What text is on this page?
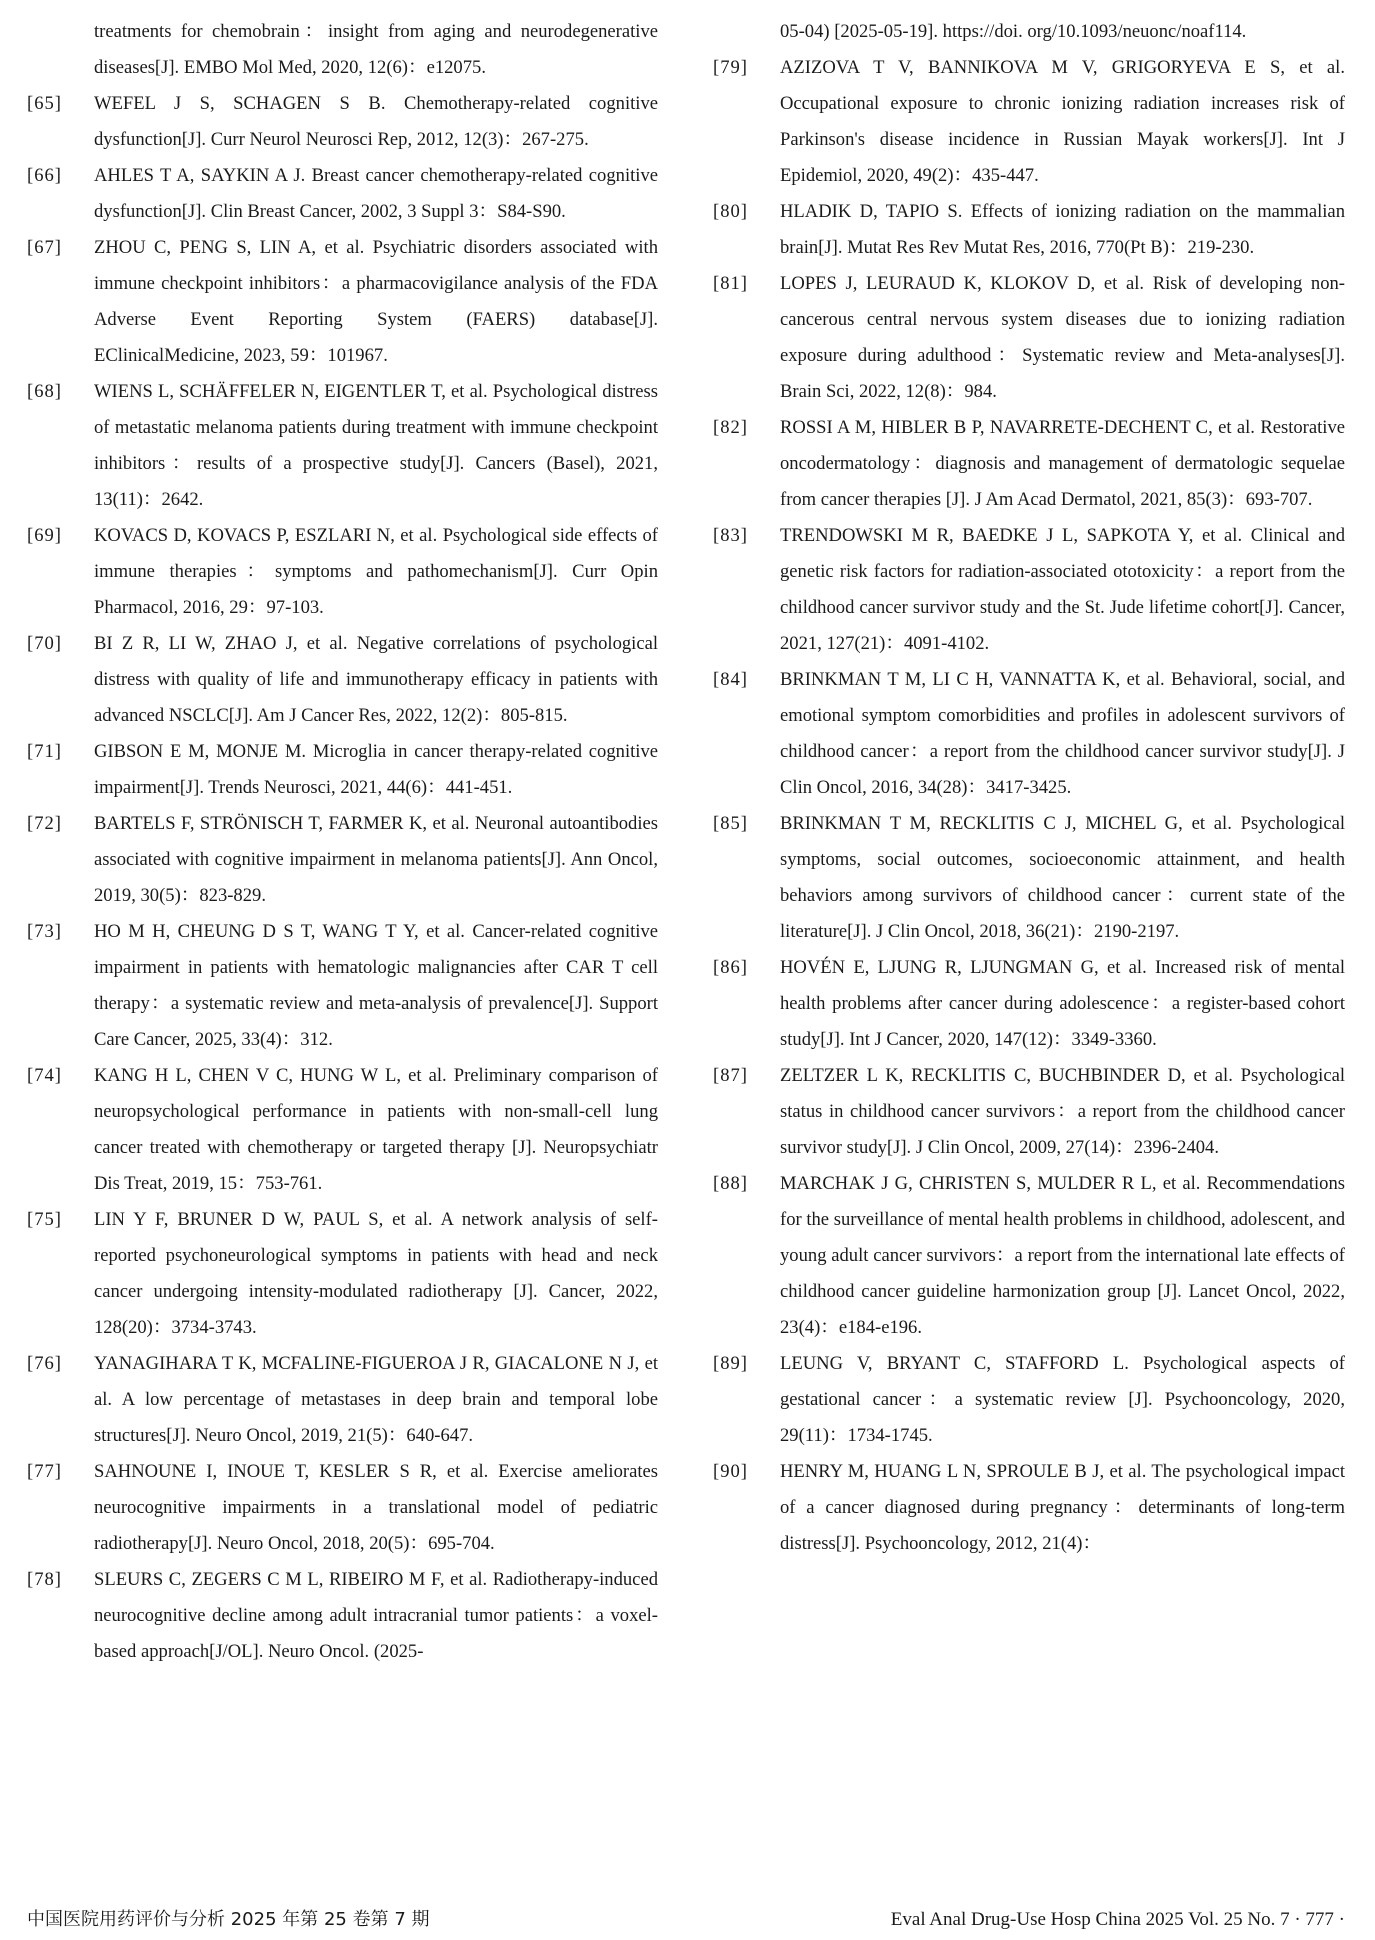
treatments for chemobrain：insight from aging and neurodegenerative diseases[J]. EMBO Mol Med, 2020, 12(6)：e12075.

[65]	WEFEL J S, SCHAGEN S B. Chemotherapy-related cognitive dysfunction[J]. Curr Neurol Neurosci Rep, 2012, 12(3)：267-275.

[66]	AHLES T A, SAYKIN A J. Breast cancer chemotherapy-related cognitive dysfunction[J]. Clin Breast Cancer, 2002, 3 Suppl 3：S84-S90.

[67]	ZHOU C, PENG S, LIN A, et al. Psychiatric disorders associated with immune checkpoint inhibitors：a pharmacovigilance analysis of the FDA Adverse Event Reporting System (FAERS) database[J]. EClinicalMedicine, 2023, 59：101967.

[68]	WIENS L, SCHÄFFELER N, EIGENTLER T, et al. Psychological distress of metastatic melanoma patients during treatment with immune checkpoint inhibitors：results of a prospective study[J]. Cancers (Basel), 2021, 13(11)：2642.

[69]	KOVACS D, KOVACS P, ESZLARI N, et al. Psychological side effects of immune therapies：symptoms and pathomechanism[J]. Curr Opin Pharmacol, 2016, 29：97-103.

[70]	BI Z R, LI W, ZHAO J, et al. Negative correlations of psychological distress with quality of life and immunotherapy efficacy in patients with advanced NSCLC[J]. Am J Cancer Res, 2022, 12(2)：805-815.

[71]	GIBSON E M, MONJE M. Microglia in cancer therapy-related cognitive impairment[J]. Trends Neurosci, 2021, 44(6)：441-451.

[72]	BARTELS F, STRÖNISCH T, FARMER K, et al. Neuronal autoantibodies associated with cognitive impairment in melanoma patients[J]. Ann Oncol, 2019, 30(5)：823-829.

[73]	HO M H, CHEUNG D S T, WANG T Y, et al. Cancer-related cognitive impairment in patients with hematologic malignancies after CAR T cell therapy：a systematic review and meta-analysis of prevalence[J]. Support Care Cancer, 2025, 33(4)：312.

[74]	KANG H L, CHEN V C, HUNG W L, et al. Preliminary comparison of neuropsychological performance in patients with non-small-cell lung cancer treated with chemotherapy or targeted therapy [J]. Neuropsychiatr Dis Treat, 2019, 15：753-761.

[75]	LIN Y F, BRUNER D W, PAUL S, et al. A network analysis of self-reported psychoneurological symptoms in patients with head and neck cancer undergoing intensity-modulated radiotherapy [J]. Cancer, 2022, 128(20)：3734-3743.

[76]	YANAGIHARA T K, MCFALINE-FIGUEROA J R, GIACALONE N J, et al. A low percentage of metastases in deep brain and temporal lobe structures[J]. Neuro Oncol, 2019, 21(5)：640-647.

[77]	SAHNOUNE I, INOUE T, KESLER S R, et al. Exercise ameliorates neurocognitive impairments in a translational model of pediatric radiotherapy[J]. Neuro Oncol, 2018, 20(5)：695-704.

[78]	SLEURS C, ZEGERS C M L, RIBEIRO M F, et al. Radiotherapy-induced neurocognitive decline among adult intracranial tumor patients：a voxel-based approach[J/OL]. Neuro Oncol. (2025-

05-04) [2025-05-19]. https://doi. org/10.1093/neuonc/noaf114.

[79]	AZIZOVA T V, BANNIKOVA M V, GRIGORYEVA E S, et al. Occupational exposure to chronic ionizing radiation increases risk of Parkinson's disease incidence in Russian Mayak workers[J]. Int J Epidemiol, 2020, 49(2)：435-447.

[80]	HLADIK D, TAPIO S. Effects of ionizing radiation on the mammalian brain[J]. Mutat Res Rev Mutat Res, 2016, 770(Pt B)：219-230.

[81]	LOPES J, LEURAUD K, KLOKOV D, et al. Risk of developing non-cancerous central nervous system diseases due to ionizing radiation exposure during adulthood：Systematic review and Meta-analyses[J]. Brain Sci, 2022, 12(8)：984.

[82]	ROSSI A M, HIBLER B P, NAVARRETE-DECHENT C, et al. Restorative oncodermatology：diagnosis and management of dermatologic sequelae from cancer therapies [J]. J Am Acad Dermatol, 2021, 85(3)：693-707.

[83]	TRENDOWSKI M R, BAEDKE J L, SAPKOTA Y, et al. Clinical and genetic risk factors for radiation-associated ototoxicity：a report from the childhood cancer survivor study and the St. Jude lifetime cohort[J]. Cancer, 2021, 127(21)：4091-4102.

[84]	BRINKMAN T M, LI C H, VANNATTA K, et al. Behavioral, social, and emotional symptom comorbidities and profiles in adolescent survivors of childhood cancer：a report from the childhood cancer survivor study[J]. J Clin Oncol, 2016, 34(28)：3417-3425.

[85]	BRINKMAN T M, RECKLITIS C J, MICHEL G, et al. Psychological symptoms, social outcomes, socioeconomic attainment, and health behaviors among survivors of childhood cancer：current state of the literature[J]. J Clin Oncol, 2018, 36(21)：2190-2197.

[86]	HOVÉN E, LJUNG R, LJUNGMAN G, et al. Increased risk of mental health problems after cancer during adolescence：a register-based cohort study[J]. Int J Cancer, 2020, 147(12)：3349-3360.

[87]	ZELTZER L K, RECKLITIS C, BUCHBINDER D, et al. Psychological status in childhood cancer survivors：a report from the childhood cancer survivor study[J]. J Clin Oncol, 2009, 27(14)：2396-2404.

[88]	MARCHAK J G, CHRISTEN S, MULDER R L, et al. Recommendations for the surveillance of mental health problems in childhood, adolescent, and young adult cancer survivors：a report from the international late effects of childhood cancer guideline harmonization group [J]. Lancet Oncol, 2022, 23(4)：e184-e196.

[89]	LEUNG V, BRYANT C, STAFFORD L. Psychological aspects of gestational cancer：a systematic review [J]. Psychooncology, 2020, 29(11)：1734-1745.

[90]	HENRY M, HUANG L N, SPROULE B J, et al. The psychological impact of a cancer diagnosed during pregnancy：determinants of long-term distress[J]. Psychooncology, 2012, 21(4)：

中国医院用药评价与分析 2025 年第 25 卷第 7 期	Eval Anal Drug-Use Hosp China 2025 Vol. 25 No. 7 · 777 ·
